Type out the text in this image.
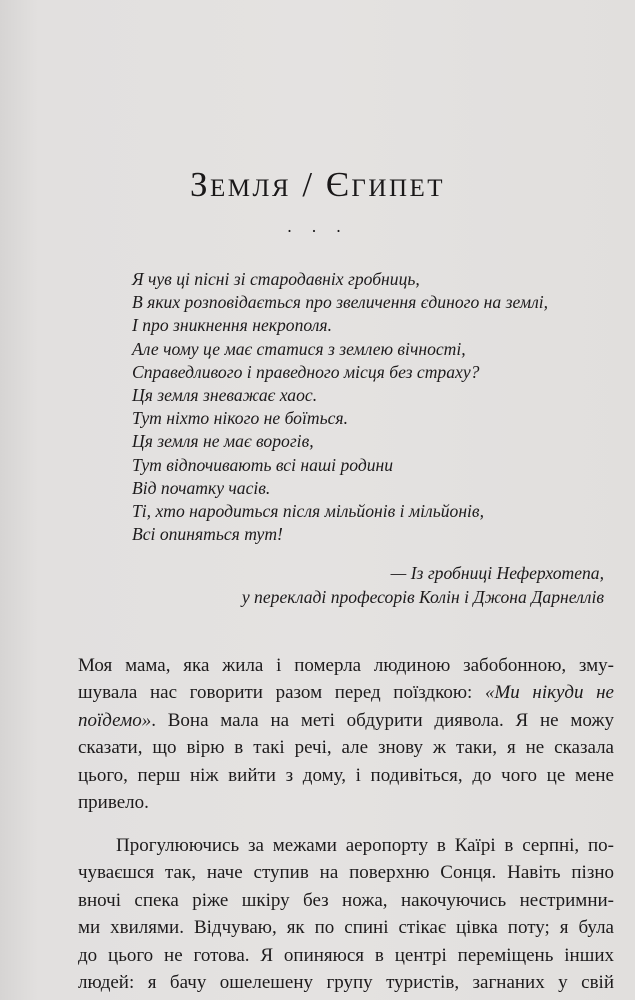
Земля / Єгипет
· · ·
Я чув ці пісні зі стародавніх гробниць,
В яких розповідається про звеличення єдиного на землі,
І про зникнення некрополя.
Але чому це має статися з землею вічності,
Справедливого і праведного місця без страху?
Ця земля зневажає хаос.
Тут ніхто нікого не боїться.
Ця земля не має ворогів,
Тут відпочивають всі наші родини
Від початку часів.
Ті, хто народиться після мільйонів і мільйонів,
Всі опиняться тут!
— Із гробниці Неферхотепа,
у перекладі професорів Колін і Джона Дарнеллів
Моя мама, яка жила і померла людиною забобонною, зму-
шувала нас говорити разом перед поїздкою: «Ми нікуди не
поїдемо». Вона мала на меті обдурити диявола. Я не можу
сказати, що вірю в такі речі, але знову ж таки, я не сказала
цього, перш ніж вийти з дому, і подивіться, до чого це мене
привело.
Прогулюючись за межами аеропорту в Каїрі в серпні, по-
чуваєшся так, наче ступив на поверхню Сонця. Навіть пізно
вночі спека ріже шкіру без ножа, накочуючись нестримни-
ми хвилями. Відчуваю, як по спині стікає цівка поту; я була
до цього не готова. Я опиняюся в центрі переміщень інших
людей: я бачу ошелешену групу туристів, загнаних у свій
